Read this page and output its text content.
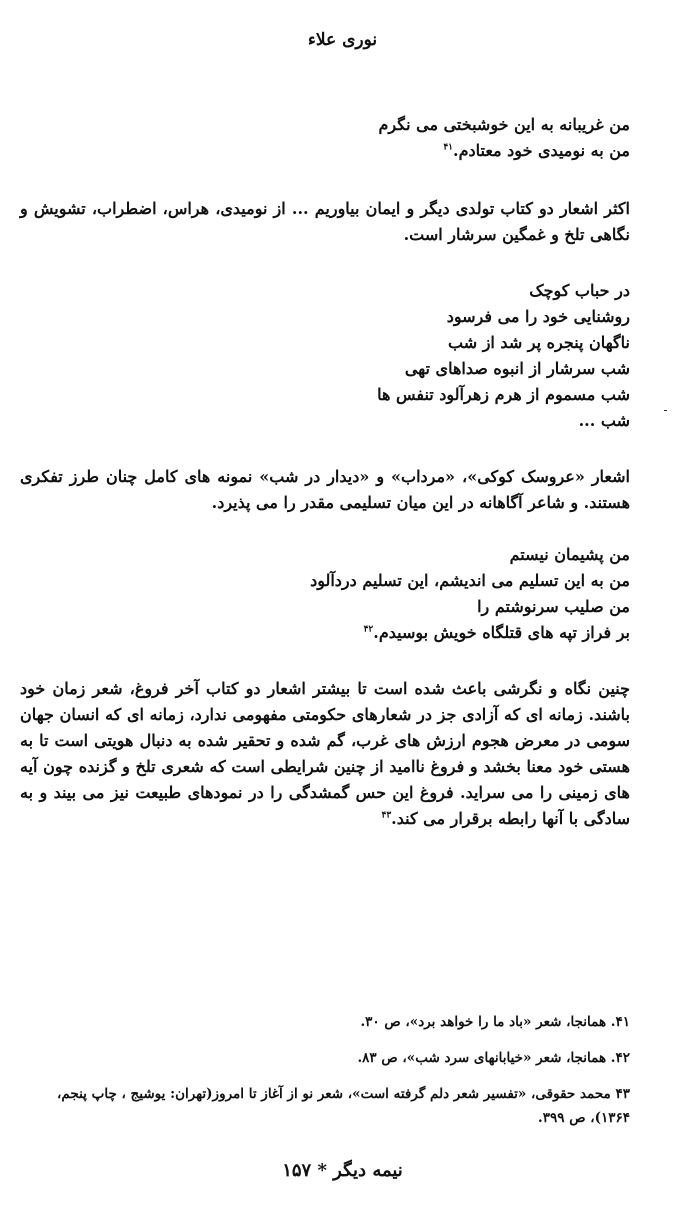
نوری علاء
من غریبانه به این خوشبختی می نگرم
من به نومیدی خود معتادم.$^{۴۱}$

اکثر اشعار دو کتاب تولدی دیگر و ایمان بیاوریم ... از نومیدی، هراس، اضطراب، تشویش و نگاهی تلخ و غمگین سرشار است.

در حباب کوچک
روشنایی خود را می فرسود
ناگهان پنجره پر شد از شب
شب سرشار از انبوه صداهای تهی
شب مسموم از هرم زهرآلود تنفس ها
شب ...

اشعار «عروسک کوکی»، «مرداب» و «دیدار در شب» نمونه های کامل چنان طرز تفکری هستند. و شاعر آگاهانه در این میان تسلیمی مقدر را می پذیرد.

من پشیمان نیستم
من به این تسلیم می اندیشم، این تسلیم دردآلود
من صلیب سرنوشتم را
بر فراز تپه های قتلگاه خویش بوسیدم.$^{۴۲}$

چنین نگاه و نگرشی باعث شده است تا بیشتر اشعار دو کتاب آخر فروغ، شعر زمان خود باشند. زمانه ای که آزادی جز در شعارهای حکومتی مفهومی ندارد، زمانه ای که انسان جهان سومی در معرض هجوم ارزش های غرب، گم شده و تحقیر شده به دنبال هویتی است تا به هستی خود معنا بخشد و فروغ ناامید از چنین شرایطی است که شعری تلخ و گزنده چون آیه های زمینی را می سراید. فروغ این حس گمشدگی را در نمودهای طبیعت نیز می بیند و به سادگی با آنها رابطه برقرار می کند.$^{۴۳}$

۴۱. همانجا، شعر «باد ما را خواهد برد»، ص ۳۰.
۴۲. همانجا، شعر «خیابانهای سرد شب»، ص ۸۳.
۴۳ محمد حقوقی، «تفسیر شعر دلم گرفته است»، شعر نو از آغاز تا امروز(تهران: یوشیج ، چاپ پنجم، ۱۳۶۴)، ص ۳۹۹.
نیمه دیگر * ۱۵۷
